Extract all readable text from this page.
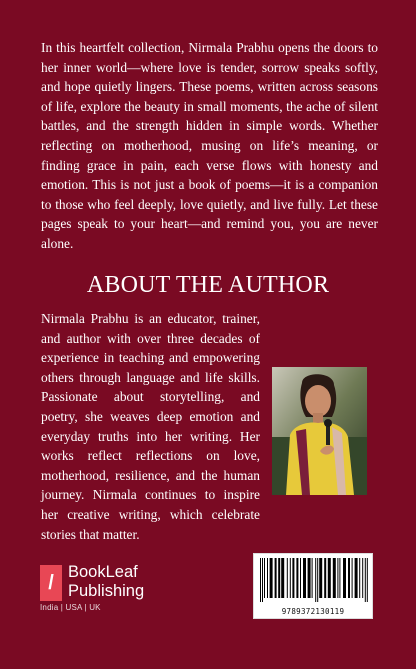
In this heartfelt collection, Nirmala Prabhu opens the doors to her inner world—where love is tender, sorrow speaks softly, and hope quietly lingers. These poems, written across seasons of life, explore the beauty in small moments, the ache of silent battles, and the strength hidden in simple words. Whether reflecting on motherhood, musing on life’s meaning, or finding grace in pain, each verse flows with honesty and emotion. This is not just a book of poems—it is a companion to those who feel deeply, love quietly, and live fully. Let these pages speak to your heart—and remind you, you are never alone.

ABOUT THE AUTHOR

Nirmala Prabhu is an educator, trainer, and author with over three decades of experience in teaching and empowering others through language and life skills. Passionate about storytelling, and poetry, she weaves deep emotion and everyday truths into her writing. Her works reflect reflections on love, motherhood, resilience, and the human journey. Nirmala continues to inspire her creative writing, which celebrate stories that matter.

/ BookLeaf
Publishing
India | USA | UK	9789372130119
